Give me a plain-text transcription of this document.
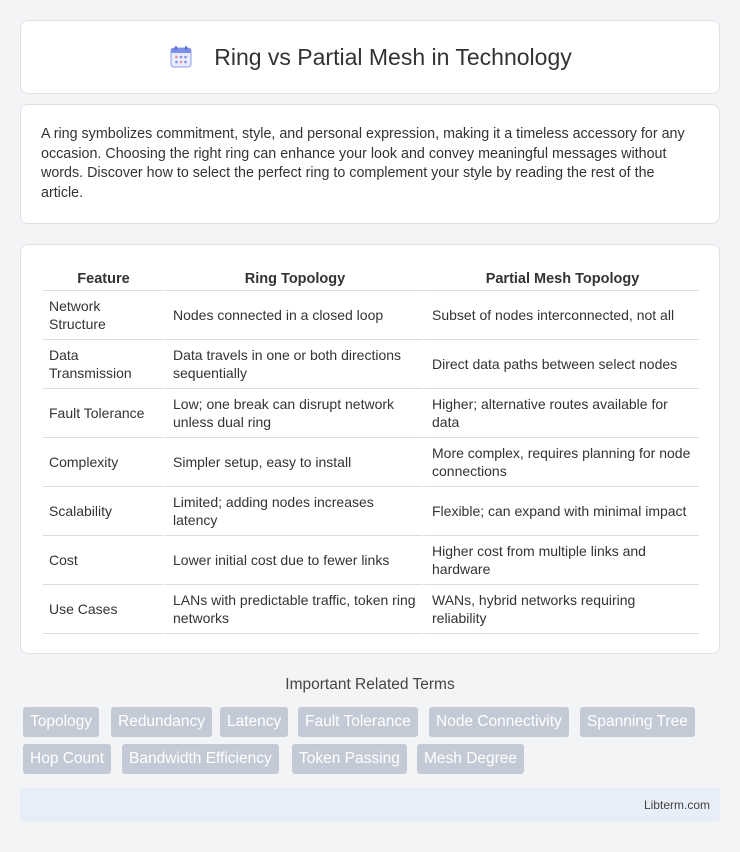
Ring vs Partial Mesh in Technology

A ring symbolizes commitment, style, and personal expression, making it a timeless accessory for any occasion. Choosing the right ring can enhance your look and convey meaningful messages without words. Discover how to select the perfect ring to complement your style by reading the rest of the article.

Feature	Ring Topology	Partial Mesh Topology
Network Structure	Nodes connected in a closed loop	Subset of nodes interconnected, not all
Data Transmission	Data travels in one or both directions sequentially	Direct data paths between select nodes
Fault Tolerance	Low; one break can disrupt network unless dual ring	Higher; alternative routes available for data
Complexity	Simpler setup, easy to install	More complex, requires planning for node connections
Scalability	Limited; adding nodes increases latency	Flexible; can expand with minimal impact
Cost	Lower initial cost due to fewer links	Higher cost from multiple links and hardware
Use Cases	LANs with predictable traffic, token ring networks	WANs, hybrid networks requiring reliability
Important Related Terms
Topology	Redundancy	Latency	Fault Tolerance	Node Connectivity	Spanning Tree
Hop Count	Bandwidth Efficiency	Token Passing	Mesh Degree
Libterm.com
